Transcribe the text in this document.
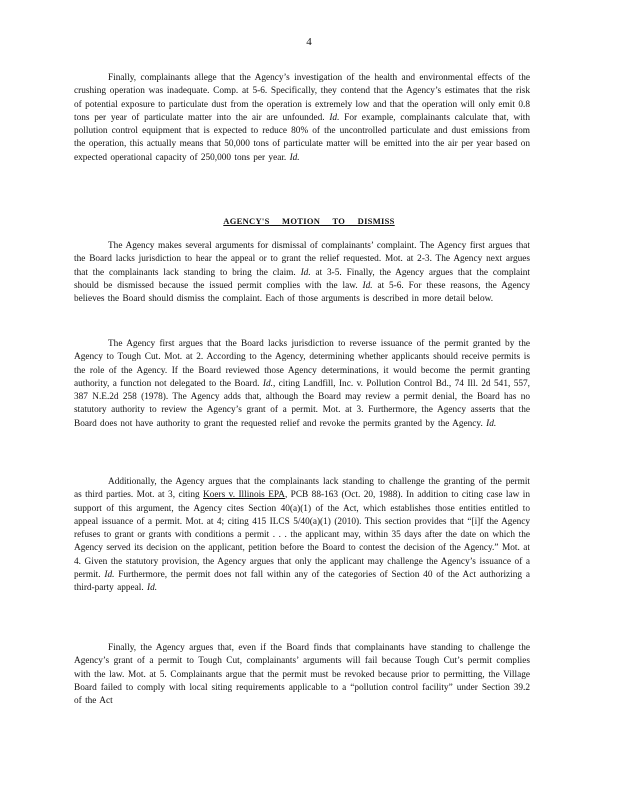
4

Finally, complainants allege that the Agency’s investigation of the health and environmental effects of the crushing operation was inadequate. Comp. at 5-6. Specifically, they contend that the Agency’s estimates that the risk of potential exposure to particulate dust from the operation is extremely low and that the operation will only emit 0.8 tons per year of particulate matter into the air are unfounded. Id. For example, complainants calculate that, with pollution control equipment that is expected to reduce 80% of the uncontrolled particulate and dust emissions from the operation, this actually means that 50,000 tons of particulate matter will be emitted into the air per year based on expected operational capacity of 250,000 tons per year. Id.

AGENCY'S MOTION TO DISMISS

The Agency makes several arguments for dismissal of complainants’ complaint. The Agency first argues that the Board lacks jurisdiction to hear the appeal or to grant the relief requested. Mot. at 2-3. The Agency next argues that the complainants lack standing to bring the claim. Id. at 3-5. Finally, the Agency argues that the complaint should be dismissed because the issued permit complies with the law. Id. at 5-6. For these reasons, the Agency believes the Board should dismiss the complaint. Each of those arguments is described in more detail below.

The Agency first argues that the Board lacks jurisdiction to reverse issuance of the permit granted by the Agency to Tough Cut. Mot. at 2. According to the Agency, determining whether applicants should receive permits is the role of the Agency. If the Board reviewed those Agency determinations, it would become the permit granting authority, a function not delegated to the Board. Id., citing Landfill, Inc. v. Pollution Control Bd., 74 Ill. 2d 541, 557, 387 N.E.2d 258 (1978). The Agency adds that, although the Board may review a permit denial, the Board has no statutory authority to review the Agency’s grant of a permit. Mot. at 3. Furthermore, the Agency asserts that the Board does not have authority to grant the requested relief and revoke the permits granted by the Agency. Id.

Additionally, the Agency argues that the complainants lack standing to challenge the granting of the permit as third parties. Mot. at 3, citing Koers v. Illinois EPA, PCB 88-163 (Oct. 20, 1988). In addition to citing case law in support of this argument, the Agency cites Section 40(a)(1) of the Act, which establishes those entities entitled to appeal issuance of a permit. Mot. at 4; citing 415 ILCS 5/40(a)(1) (2010). This section provides that “[i]f the Agency refuses to grant or grants with conditions a permit . . . the applicant may, within 35 days after the date on which the Agency served its decision on the applicant, petition before the Board to contest the decision of the Agency.” Mot. at 4. Given the statutory provision, the Agency argues that only the applicant may challenge the Agency’s issuance of a permit. Id. Furthermore, the permit does not fall within any of the categories of Section 40 of the Act authorizing a third-party appeal. Id.

Finally, the Agency argues that, even if the Board finds that complainants have standing to challenge the Agency’s grant of a permit to Tough Cut, complainants’ arguments will fail because Tough Cut’s permit complies with the law. Mot. at 5. Complainants argue that the permit must be revoked because prior to permitting, the Village Board failed to comply with local siting requirements applicable to a “pollution control facility” under Section 39.2 of the Act
